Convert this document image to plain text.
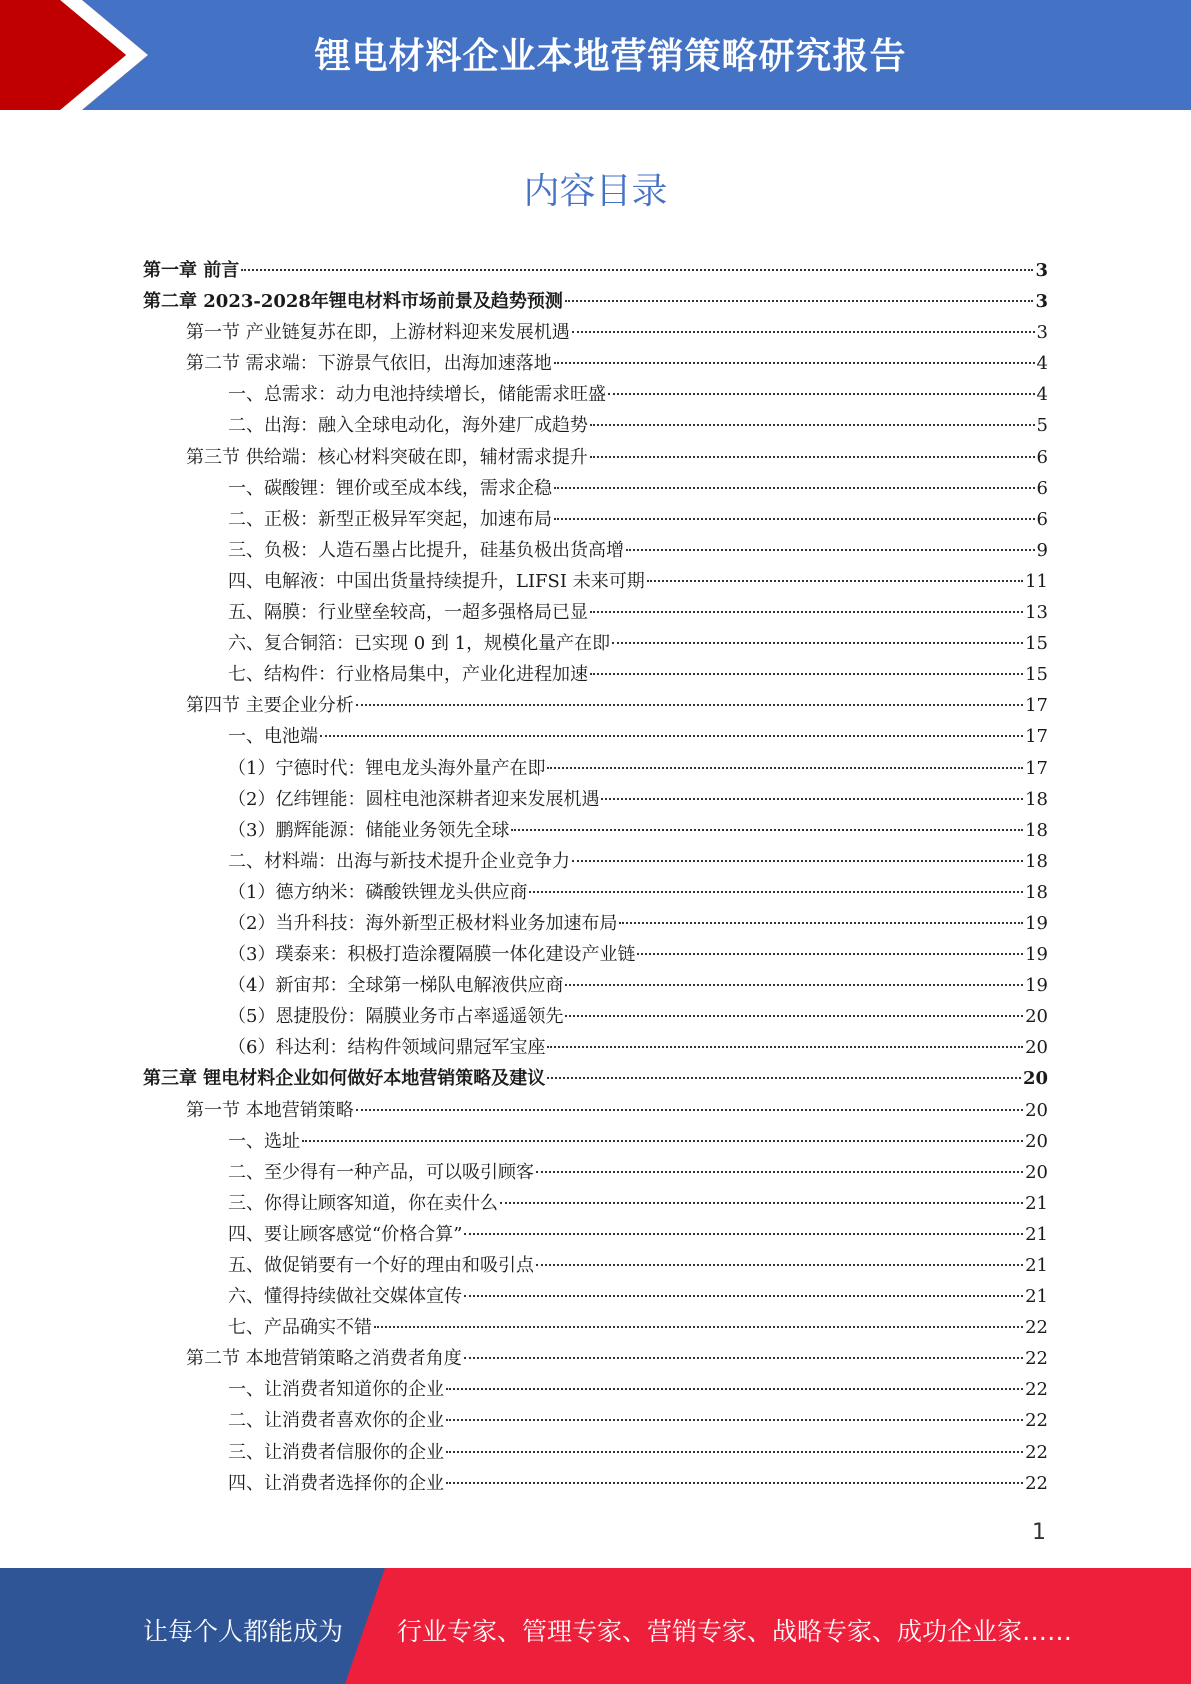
锂电材料企业本地营销策略研究报告
内容目录
第一章 前言	3
第二章 2023-2028年锂电材料市场前景及趋势预测	3
第一节 产业链复苏在即，上游材料迎来发展机遇	3
第二节 需求端：下游景气依旧，出海加速落地	4
一、总需求：动力电池持续增长，储能需求旺盛	4
二、出海：融入全球电动化，海外建厂成趋势	5
第三节 供给端：核心材料突破在即，辅材需求提升	6
一、碳酸锂：锂价或至成本线，需求企稳	6
二、正极：新型正极异军突起，加速布局	6
三、负极：人造石墨占比提升，硅基负极出货高增	9
四、电解液：中国出货量持续提升，LIFSI 未来可期	11
五、隔膜：行业壁垒较高，一超多强格局已显	13
六、复合铜箔：已实现 0 到 1，规模化量产在即	15
七、结构件：行业格局集中，产业化进程加速	15
第四节 主要企业分析	17
一、电池端	17
（1）宁德时代：锂电龙头海外量产在即	17
（2）亿纬锂能：圆柱电池深耕者迎来发展机遇	18
（3）鹏辉能源：储能业务领先全球	18
二、材料端：出海与新技术提升企业竞争力	18
（1）德方纳米：磷酸铁锂龙头供应商	18
（2）当升科技：海外新型正极材料业务加速布局	19
（3）璞泰来：积极打造涂覆隔膜一体化建设产业链	19
（4）新宙邦：全球第一梯队电解液供应商	19
（5）恩捷股份：隔膜业务市占率遥遥领先	20
（6）科达利：结构件领域问鼎冠军宝座	20
第三章 锂电材料企业如何做好本地营销策略及建议	20
第一节 本地营销策略	20
一、选址	20
二、至少得有一种产品，可以吸引顾客	20
三、你得让顾客知道，你在卖什么	21
四、要让顾客感觉“价格合算”	21
五、做促销要有一个好的理由和吸引点	21
六、懂得持续做社交媒体宣传	21
七、产品确实不错	22
第二节 本地营销策略之消费者角度	22
一、让消费者知道你的企业	22
二、让消费者喜欢你的企业	22
三、让消费者信服你的企业	22
四、让消费者选择你的企业	22
1
让每个人都能成为 行业专家、管理专家、营销专家、战略专家、成功企业家……
